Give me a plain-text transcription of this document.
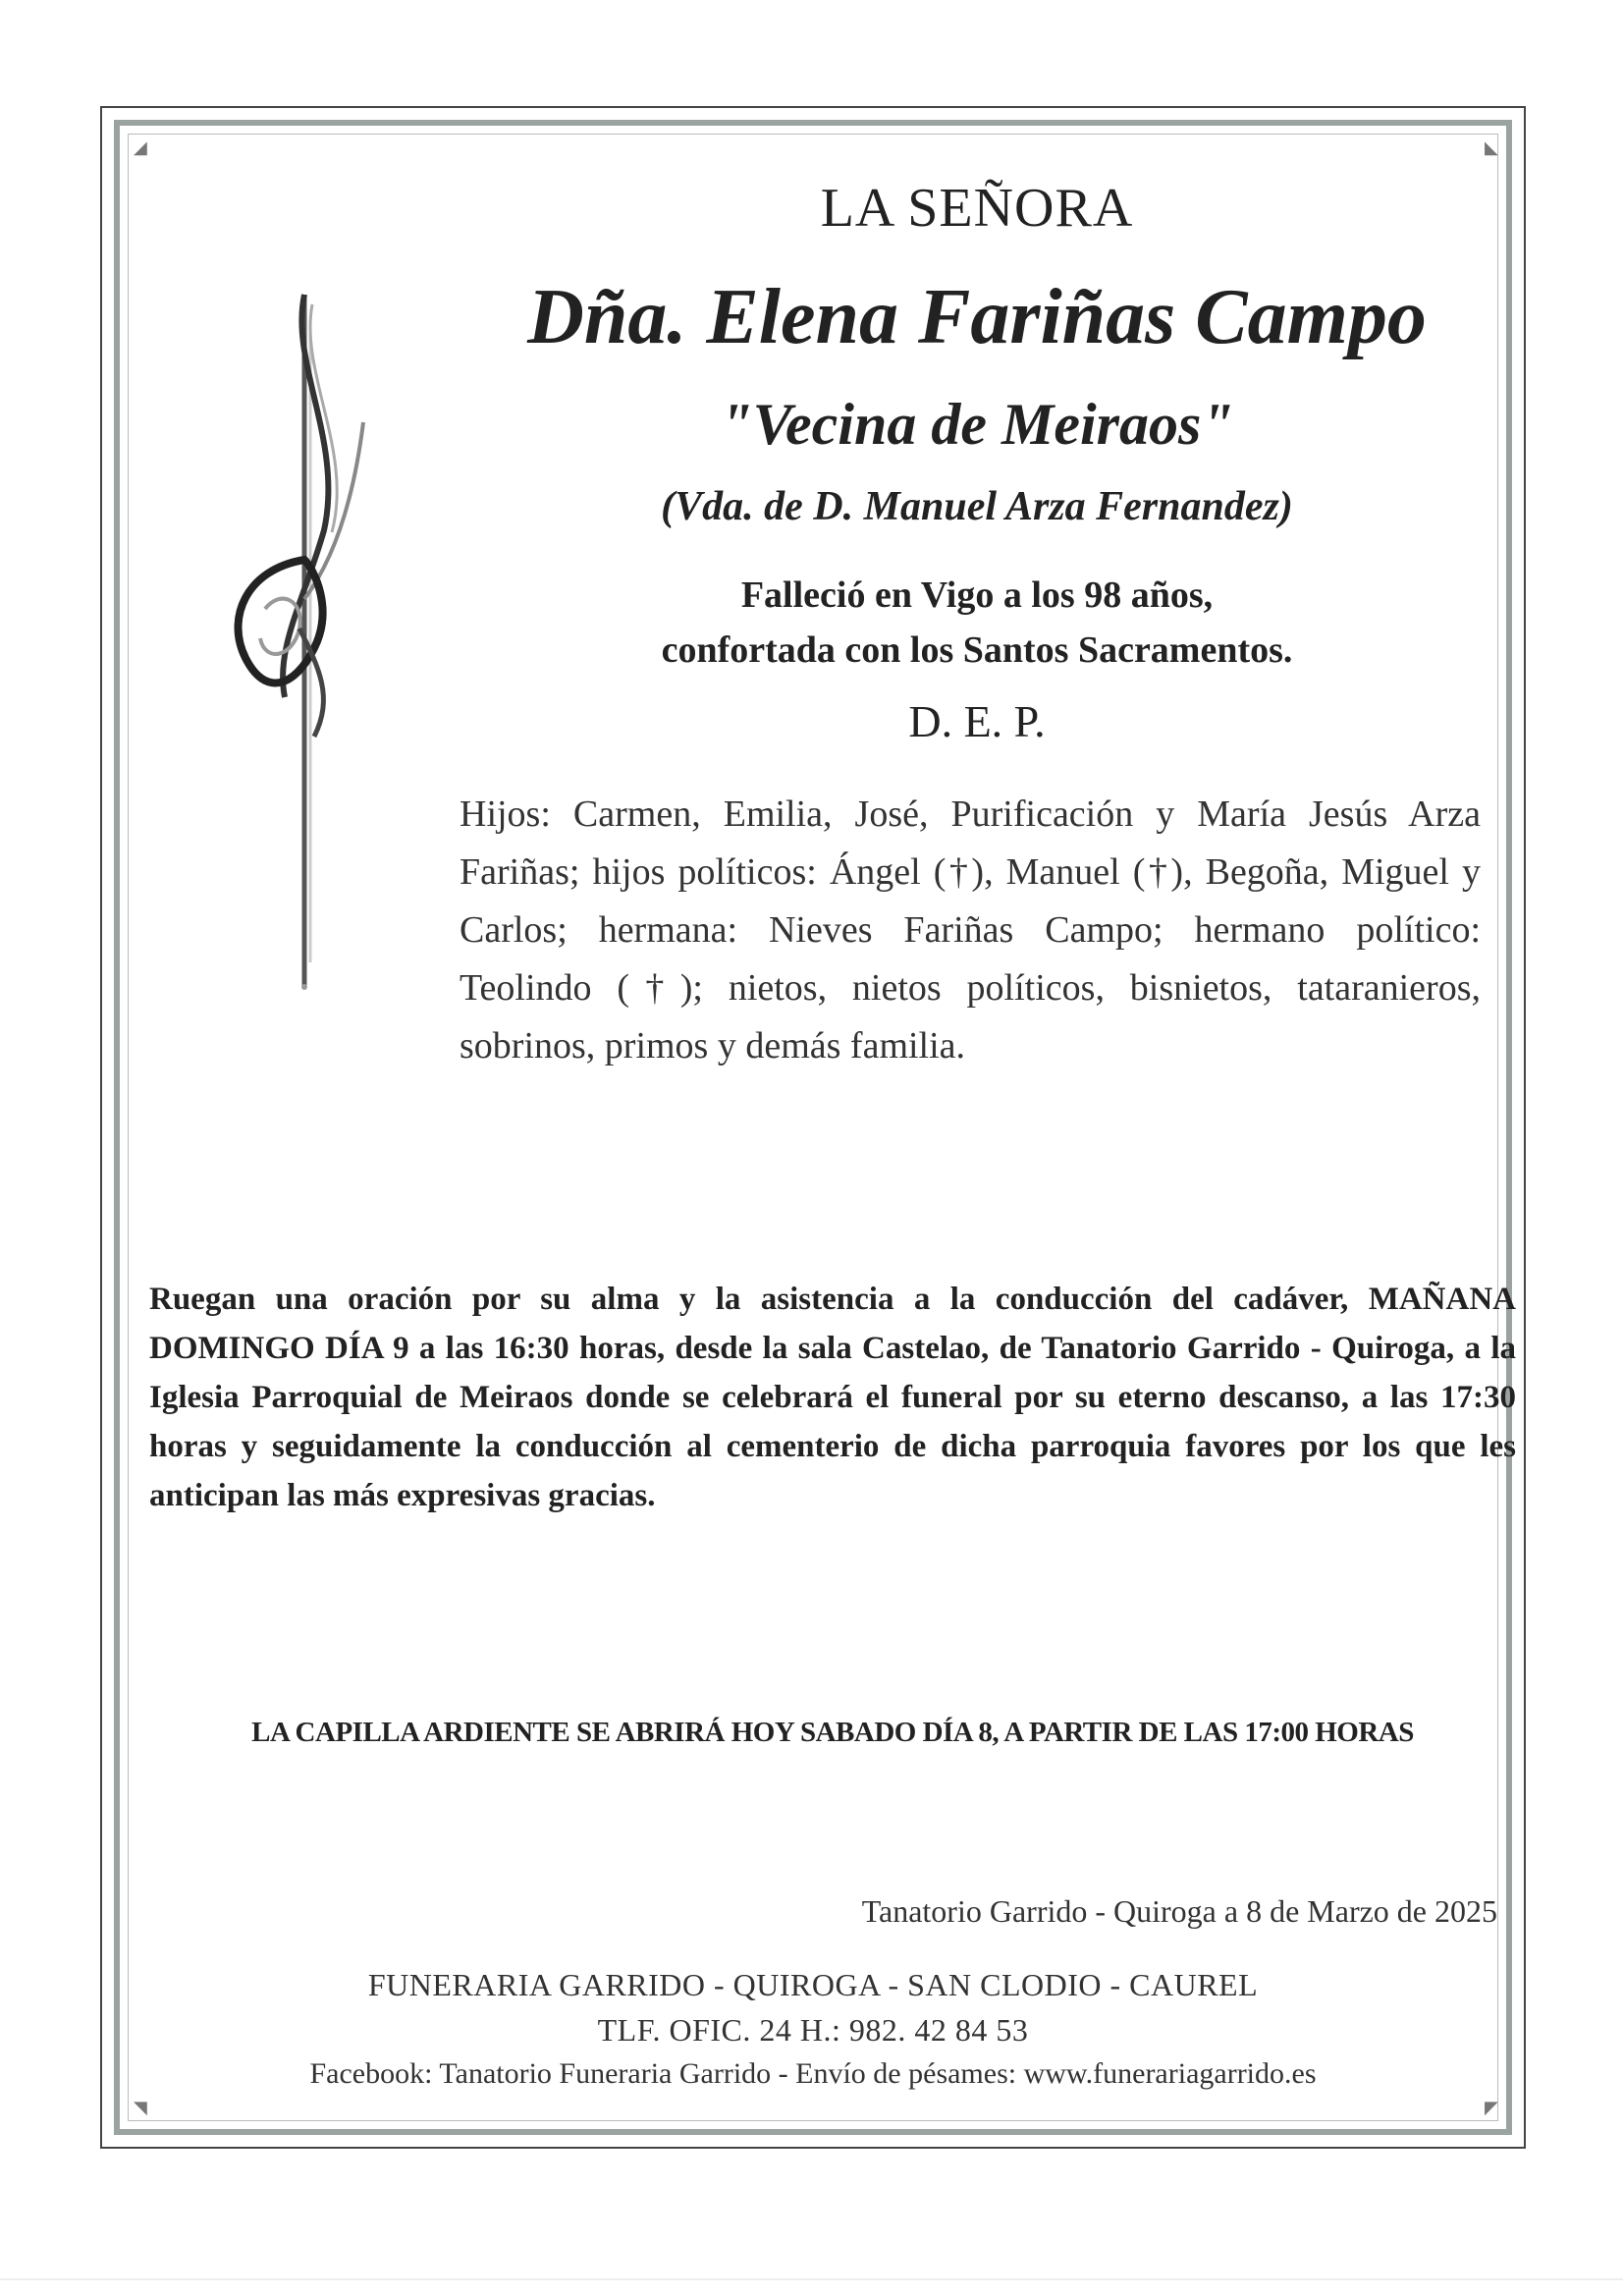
◢	◣
◥	◤
LA SEÑORA
Dña. Elena Fariñas Campo
"Vecina de Meiraos"
(Vda. de D. Manuel Arza Fernandez)
Falleció en Vigo a los 98 años,
confortada con los Santos Sacramentos.
D. E. P.
Hijos: Carmen, Emilia, José, Purificación y María Jesús Arza Fariñas; hijos políticos: Ángel (†), Manuel (†), Begoña, Miguel y Carlos; hermana: Nieves Fariñas Campo; hermano político: Teolindo (†); nietos, nietos políticos, bisnietos, tataranieros, sobrinos, primos y demás familia.
Ruegan una oración por su alma y la asistencia a la conducción del cadáver, MAÑANA DOMINGO DÍA 9 a las 16:30 horas, desde la sala Castelao, de Tanatorio Garrido - Quiroga, a la Iglesia Parroquial de Meiraos donde se celebrará el funeral por su eterno descanso, a las 17:30 horas y seguidamente la conducción al cementerio de dicha parroquia favores por los que les anticipan las más expresivas gracias.
LA CAPILLA ARDIENTE SE ABRIRÁ HOY SABADO DÍA 8, A PARTIR DE LAS 17:00 HORAS
Tanatorio Garrido - Quiroga a 8 de Marzo de 2025
FUNERARIA GARRIDO - QUIROGA - SAN CLODIO - CAUREL
TLF. OFIC. 24 H.: 982. 42 84 53
Facebook: Tanatorio Funeraria Garrido - Envío de pésames: www.funerariagarrido.es
